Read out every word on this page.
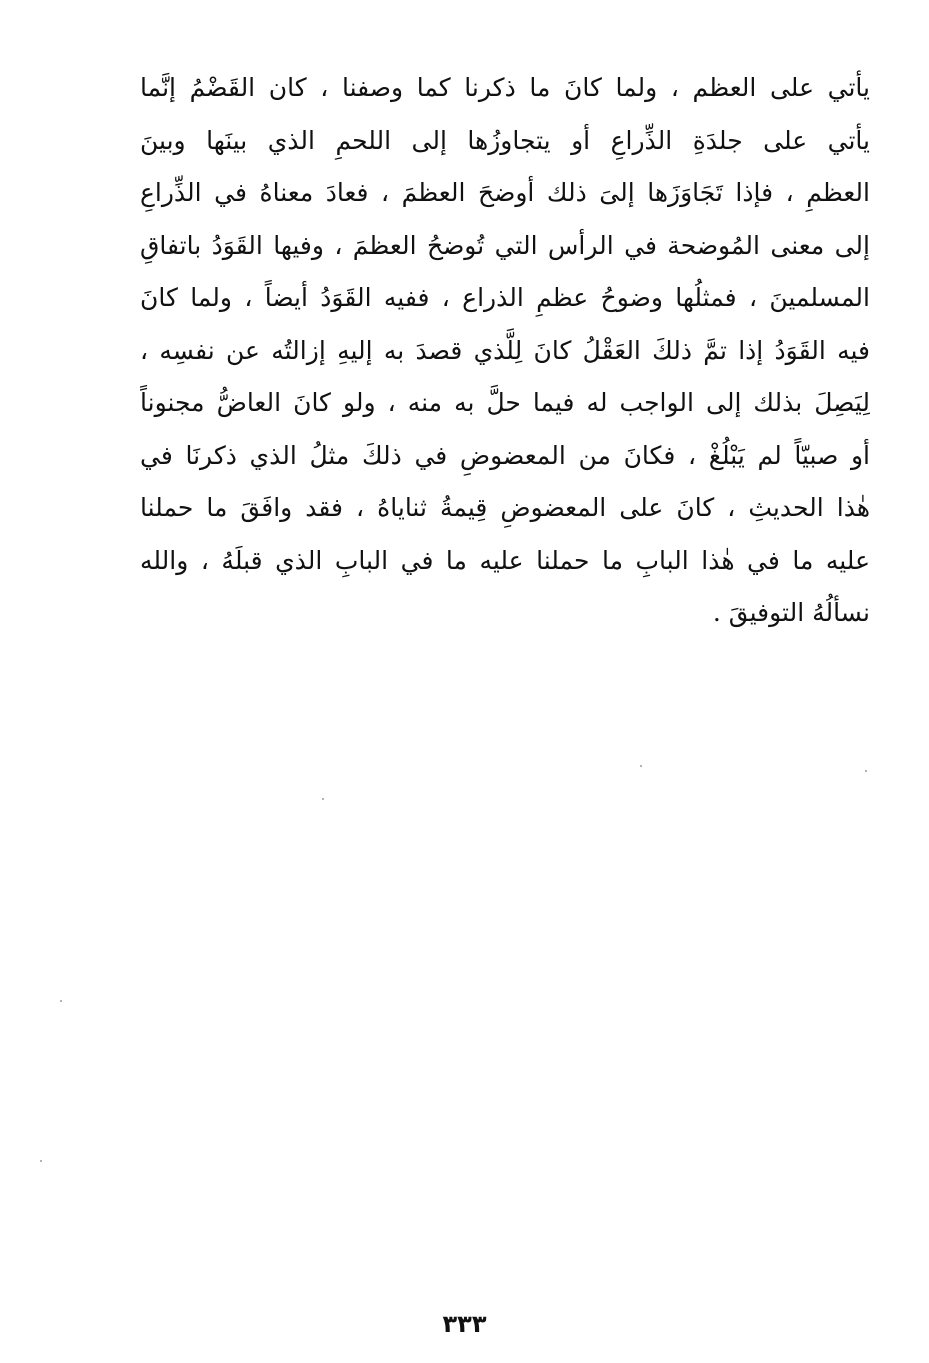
يأتي على العظم ، ولما كانَ ما ذكرنا كما وصفنا ، كان القَضْمُ إنَّما
يأتي على جلدَةِ الذِّراعِ أو يتجاوزُها إلى اللحمِ الذي بينَها وبينَ
العظمِ ، فإذا تَجَاوَزَها إلىَ ذلك أوضحَ العظمَ ، فعادَ معناهُ في الذِّراعِ
إلى معنى المُوضحة في الرأس التي تُوضحُ العظمَ ، وفيها القَوَدُ باتفاقِ
المسلمينَ ، فمثلُها وضوحُ عظمِ الذراع ، ففيه القَوَدُ أيضاً ، ولما كانَ
فيه القَوَدُ إذا تمَّ ذلكَ العَقْلُ كانَ لِلَّذي قصدَ به إليهِ إزالتُه عن نفسِه ،
لِيَصِلَ بذلك إلى الواجب له فيما حلَّ به منه ، ولو كانَ العاضُّ مجنوناً
أو صبيّاً لم يَبْلُغْ ، فكانَ من المعضوضِ في ذلكَ مثلُ الذي ذكرنَا في
هٰذا الحديثِ ، كانَ على المعضوضِ قِيمةُ ثناياهُ ، فقد وافَقَ ما حملنا
عليه ما في هٰذا البابِ ما حملنا عليه ما في البابِ الذي قبلَهُ ، والله
نسألُهُ التوفيقَ .
٣٣٣
